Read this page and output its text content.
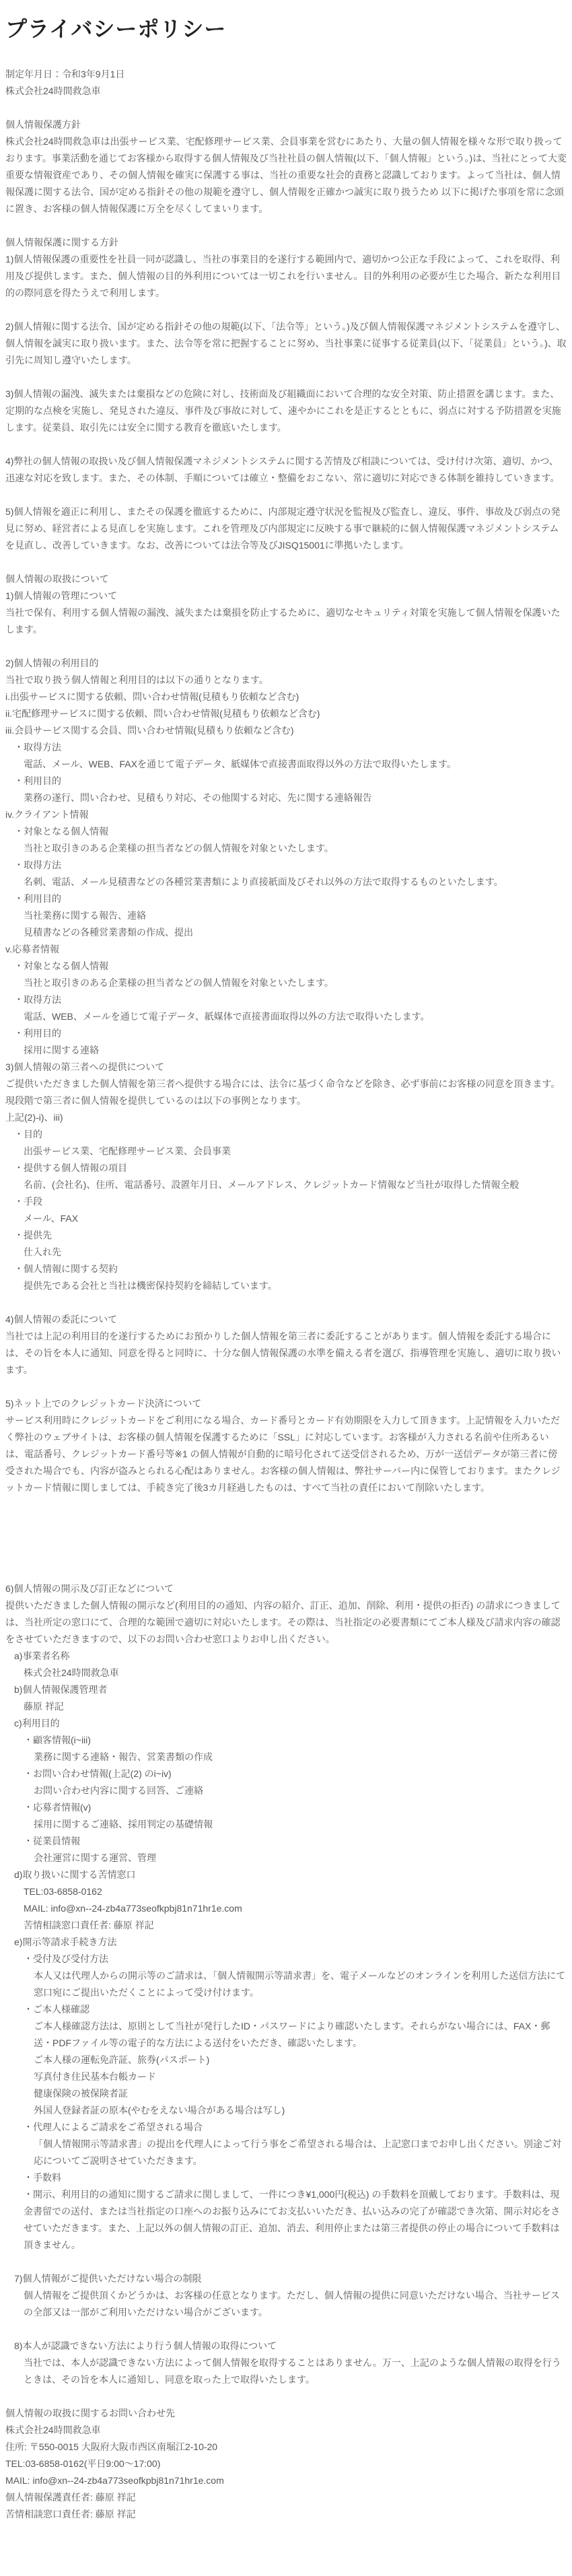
プライバシーポリシー
制定年月日：令和3年9月1日
株式会社24時間救急車
個人情報保護方針
株式会社24時間救急車は出張サービス業、宅配修理サービス業、会員事業を営むにあたり、大量の個人情報を様々な形で取り扱っております。事業活動を通じてお客様から取得する個人情報及び当社社員の個人情報(以下、「個人情報」という。)は、当社にとって大変 重要な情報資産であり、その個人情報を確実に保護する事は、当社の重要な社会的責務と認識しております。よって当社は、個人情報保護に関する法令、国が定める指針その他の規範を遵守し、個人情報を正確かつ誠実に取り扱うため 以下に掲げた事項を常に念頭に置き、お客様の個人情報保護に万全を尽くしてまいります。
個人情報保護に関する方針
1)個人情報保護の重要性を社員一同が認識し、当社の事業目的を遂行する範囲内で、適切かつ公正な手段によって、これを取得、利用及び提供します。また、個人情報の目的外利用については一切これを行いません。目的外利用の必要が生じた場合、新たな利用目的の際同意を得たうえで利用します。
2)個人情報に関する法令、国が定める指針その他の規範(以下、「法令等」という。)及び個人情報保護マネジメントシステムを遵守し、個人情報を誠実に取り扱います。また、法令等を常に把握することに努め、当社事業に従事する従業員(以下、「従業員」という。)、取引先に周知し遵守いたします。
3)個人情報の漏洩、滅失または棄損などの危険に対し、技術面及び組織面において合理的な安全対策、防止措置を講じます。また、定期的な点検を実施し、発見された違反、事件及び事故に対して、速やかにこれを是正するとともに、弱点に対する予防措置を実施します。従業員、取引先には安全に関する教育を徹底いたします。
4)弊社の個人情報の取扱い及び個人情報保護マネジメントシステムに関する苦情及び相談については、受け付け次第、適切、かつ、迅速な対応を致します。また、その体制、手順については確立・整備をおこない、常に適切に対応できる体制を維持していきます。
5)個人情報を適正に利用し、またその保護を徹底するために、内部規定遵守状況を監視及び監査し、違反、事件、事故及び弱点の発見に努め、経営者による見直しを実施します。これを管理及び内部規定に反映する事で継続的に個人情報保護マネジメントシステムを見直し、改善していきます。なお、改善については法令等及びJISQ15001に準拠いたします。
個人情報の取扱について
1)個人情報の管理について
当社で保有、利用する個人情報の漏洩、滅失または棄損を防止するために、適切なセキュリティ対策を実施して個人情報を保護いたします。
2)個人情報の利用目的
当社で取り扱う個人情報と利用目的は以下の通りとなります。
i.出張サービスに関する依頼、問い合わせ情報(見積もり依頼など含む)
ii.宅配修理サービスに関する依頼、問い合わせ情報(見積もり依頼など含む)
iii.会員サービス関する会員、問い合わせ情報(見積もり依頼など含む)
・取得方法
電話、メール、WEB、FAXを通じて電子データ、紙媒体で直接書面取得以外の方法で取得いたします。
・利用目的
業務の遂行、問い合わせ、見積もり対応、その他関する対応、先に関する連絡報告
iv.クライアント情報
・対象となる個人情報
当社と取引きのある企業様の担当者などの個人情報を対象といたします。
・取得方法
名刺、電話、メール見積書などの各種営業書類により直接紙面及びそれ以外の方法で取得するものといたします。
・利用目的
当社業務に関する報告、連絡
見積書などの各種営業書類の作成、提出
v.応募者情報
・対象となる個人情報
当社と取引きのある企業様の担当者などの個人情報を対象といたします。
・取得方法
電話、WEB、メールを通じて電子データ、紙媒体で直接書面取得以外の方法で取得いたします。
・利用目的
採用に関する連絡
3)個人情報の第三者への提供について
ご提供いただきました個人情報を第三者へ提供する場合には、法令に基づく命令などを除き、必ず事前にお客様の同意を頂きます。現段階で第三者に個人情報を提供しているのは以下の事例となります。
上記(2)-i)、iii)
・目的
出張サービス業、宅配修理サービス業、会員事業
・提供する個人情報の項目
名前、(会社名)、住所、電話番号、設置年月日、メールアドレス、クレジットカード情報など当社が取得した情報全般
・手段
メール、FAX
・提供先
仕入れ先
・個人情報に関する契約
提供先である会社と当社は機密保持契約を締結しています。
4)個人情報の委託について
当社では上記の利用目的を遂行するためにお預かりした個人情報を第三者に委託することがあります。個人情報を委託する場合には、その旨を本人に通知、同意を得ると同時に、十分な個人情報保護の水準を備える者を選び、指導管理を実施し、適切に取り扱います。
5)ネット上でのクレジットカード決済について
サービス利用時にクレジットカードをご利用になる場合、カード番号とカード有効期限を入力して頂きます。上記情報を入力いただく弊社のウェブサイトは、お客様の個人情報を保護するために「SSL」に対応しています。お客様が入力される名前や住所あるいは、電話番号、クレジットカード番号等※1 の個人情報が自動的に暗号化されて送受信されるため、万が一送信データが第三者に傍受された場合でも、内容が盗みとられる心配はありません。お客様の個人情報は、弊社サーバー内に保管しております。またクレジットカード情報に関しましては、手続き完了後3カ月経過したものは、すべて当社の責任において削除いたします。
6)個人情報の開示及び訂正などについて
提供いただきました個人情報の開示など(利用目的の通知、内容の紹介、訂正、追加、削除、利用・提供の拒否) の請求につきましては、当社所定の窓口にて、合理的な範囲で適切に対応いたします。その際は、当社指定の必要書類にてご本人様及び請求内容の確認をさせていただきますので、以下のお問い合わせ窓口よりお申し出ください。
a)事業者名称
株式会社24時間救急車
b)個人情報保護管理者
藤原 祥記
c)利用目的
・顧客情報(i~iii)
業務に関する連絡・報告、営業書類の作成
・お問い合わせ情報(上記(2) のi~iv)
お問い合わせ内容に関する回答、ご連絡
・応募者情報(v)
採用に関するご連絡、採用判定の基礎情報
・従業員情報
会社運営に関する運営、管理
d)取り扱いに関する苦情窓口
TEL:03-6858-0162
MAIL: info@xn--24-zb4a773seofkpbj81n71hr1e.com
苦情相談窓口責任者: 藤原 祥記
e)開示等請求手続き方法
・受付及び受付方法
本人又は代理人からの開示等のご請求は、「個人情報開示等請求書」を、電子メールなどのオンラインを利用した送信方法にて窓口宛にご提出いただくことによって受け付けます。
・ご本人様確認
ご本人様確認方法は、原則として当社が発行したID・パスワードにより確認いたします。それらがない場合には、FAX・郵送・PDFファイル等の電子的な方法による送付をいただき、確認いたします。
ご本人様の運転免許証、旅券(パスポート)
写真付き住民基本台帳カード
健康保険の被保険者証
外国人登録者証の原本(やむをえない場合がある場合は写し)
・代理人によるご請求をご希望される場合
「個人情報開示等請求書」の提出を代理人によって行う事をご希望される場合は、上記窓口までお申し出ください。別途ご対応についてご説明させていただきます。
・手数料
・開示、利用目的の通知に関するご請求に関しまして、一件につき¥1,000円(税込) の手数料を頂戴しております。手数料は、現金書留での送付、または当社指定の口座へのお振り込みにてお支払いいただき、払い込みの完了が確認でき次第、開示対応をさせていただきます。また、上記以外の個人情報の訂正、追加、消去、利用停止または第三者提供の停止の場合について手数料は頂きません。
7)個人情報がご提供いただけない場合の制限
個人情報をご提供頂くかどうかは、お客様の任意となります。ただし、個人情報の提供に同意いただけない場合、当社サービスの全部又は一部がご利用いただけない場合がございます。
8)本人が認識できない方法により行う個人情報の取得について
当社では、本人が認識できない方法によって個人情報を取得することはありません。万一、上記のような個人情報の取得を行うときは、その旨を本人に通知し、同意を取った上で取得いたします。
個人情報の取扱に関するお問い合わせ先
株式会社24時間救急車
住所: 〒550-0015 大阪府大阪市西区南堀江2-10-20
TEL:03-6858-0162(平日9:00～17:00)
MAIL: info@xn--24-zb4a773seofkpbj81n71hr1e.com
個人情報保護責任者: 藤原 祥記
苦情相談窓口責任者: 藤原 祥記
